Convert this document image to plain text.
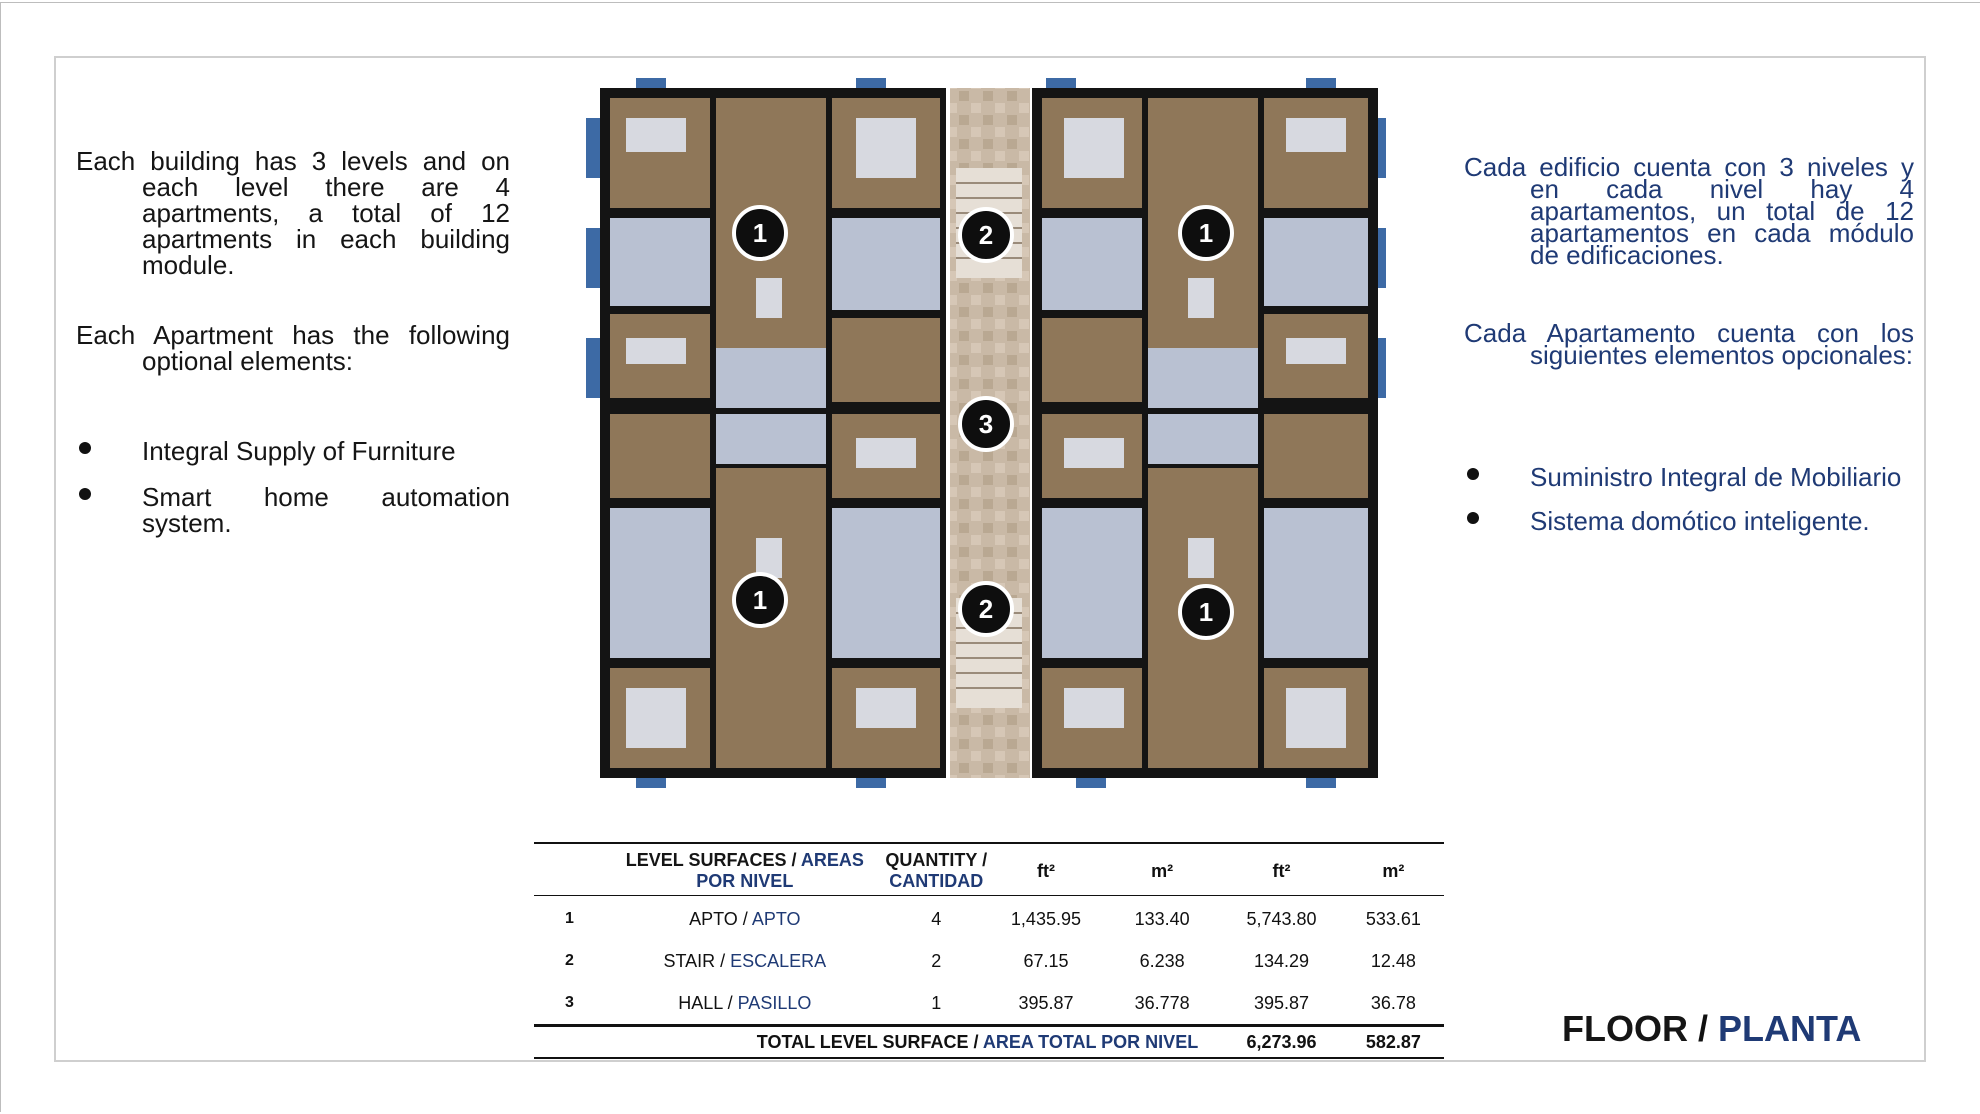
Each building has 3 levels and on each level there are 4 apartments, a total of 12 apartments in each building module.

Each Apartment has the following optional elements:

Integral Supply of Furniture
Smart home automation system.

Cada edificio cuenta con 3 niveles y en cada nivel hay 4 apartamentos, un total de 12 apartamentos en cada módulo de edificaciones.

Cada Apartamento cuenta con los siguientes elementos opcionales:

Suministro Integral de Mobiliario
Sistema domótico inteligente.
1	2	1
3
1	2	1
	LEVEL SURFACES / AREAS
POR NIVEL	QUANTITY /
CANTIDAD	ft²	m²	ft²	m²
1	APTO / APTO	4	1,435.95	133.40	5,743.80	533.61
2	STAIR / ESCALERA	2	67.15	6.238	134.29	12.48
3	HALL / PASILLO	1	395.87	36.778	395.87	36.78
TOTAL LEVEL SURFACE / AREA TOTAL POR NIVEL					6,273.96	582.87	FLOOR / PLANTA
